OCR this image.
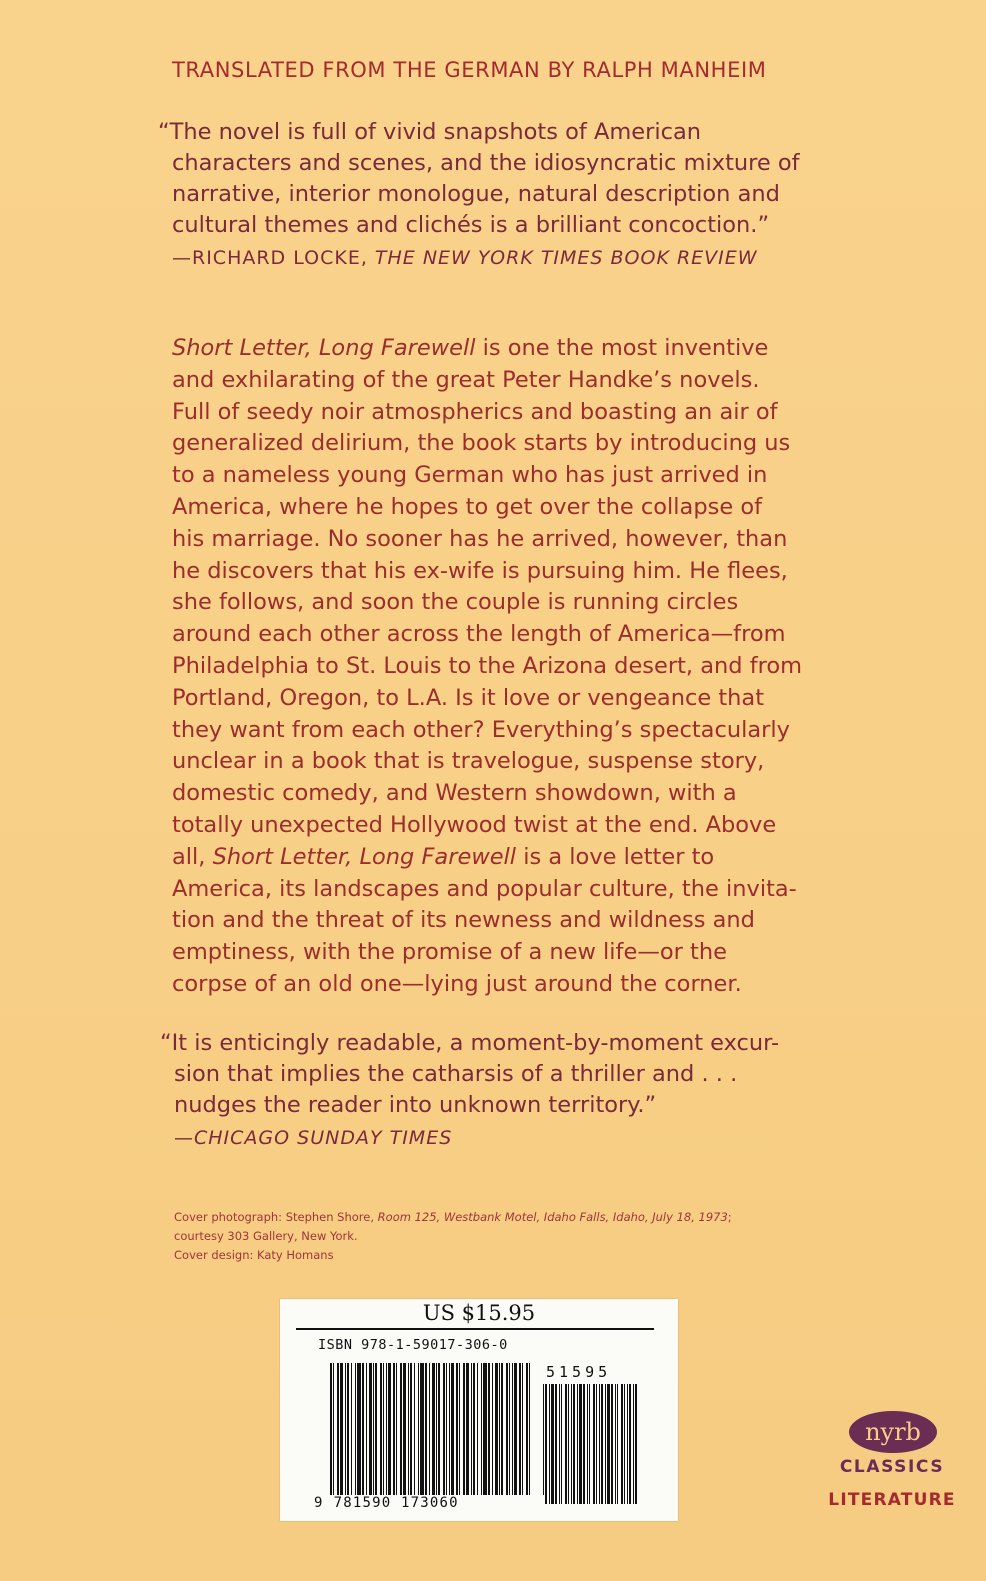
TRANSLATED FROM THE GERMAN BY RALPH MANHEIM
“The novel is full of vivid snapshots of American
characters and scenes, and the idiosyncratic mixture of
narrative, interior monologue, natural description and
cultural themes and clichés is a brilliant concoction.”
—RICHARD LOCKE, THE NEW YORK TIMES BOOK REVIEW
Short Letter, Long Farewell is one the most inventive
and exhilarating of the great Peter Handke’s novels.
Full of seedy noir atmospherics and boasting an air of
generalized delirium, the book starts by introducing us
to a nameless young German who has just arrived in
America, where he hopes to get over the collapse of
his marriage. No sooner has he arrived, however, than
he discovers that his ex-wife is pursuing him. He flees,
she follows, and soon the couple is running circles
around each other across the length of America—from
Philadelphia to St. Louis to the Arizona desert, and from
Portland, Oregon, to L.A. Is it love or vengeance that
they want from each other? Everything’s spectacularly
unclear in a book that is travelogue, suspense story,
domestic comedy, and Western showdown, with a
totally unexpected Hollywood twist at the end. Above
all, Short Letter, Long Farewell is a love letter to
America, its landscapes and popular culture, the invita-
tion and the threat of its newness and wildness and
emptiness, with the promise of a new life—or the
corpse of an old one—lying just around the corner.
“It is enticingly readable, a moment-by-moment excur-
sion that implies the catharsis of a thriller and . . .
nudges the reader into unknown territory.”
—CHICAGO SUNDAY TIMES
Cover photograph: Stephen Shore, Room 125, Westbank Motel, Idaho Falls, Idaho, July 18, 1973;
courtesy 303 Gallery, New York.
Cover design: Katy Homans
US $15.95
ISBN 978-1-59017-306-0
51595
9 781590 173060
nyrb
CLASSICS
LITERATURE
